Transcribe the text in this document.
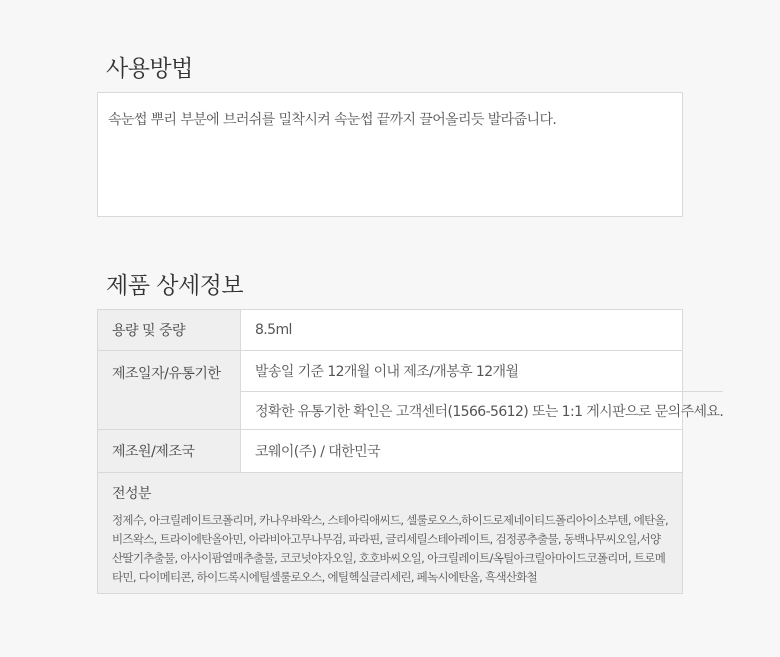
사용방법

속눈썹 뿌리 부분에 브러쉬를 밀착시켜 속눈썹 끝까지 끌어올리듯 발라줍니다.

제품 상세정보
용량 및 중량	8.5ml
제조일자/유통기한	발송일 기준 12개월 이내 제조/개봉후 12개월
정확한 유통기한 확인은 고객센터(1566-5612) 또는 1:1 게시판으로 문의주세요.
제조원/제조국	코웨이(주) / 대한민국
전성분
정제수, 아크릴레이트코폴리머, 카나우바왁스, 스테아릭애씨드, 셀룰로오스,하이드로제네이티드폴리아이소부텐, 에탄올, 비즈왁스, 트라이에탄올아민, 아라비아고무나무검, 파라핀, 글리세릴스테아레이트, 검정콩추출물, 동백나무씨오일,서양산딸기추출물, 아사이팜열매추출물, 코코넛야자오일, 호호바씨오일, 아크릴레이트/옥틸아크릴아마이드코폴리머, 트로메타민, 다이메티콘, 하이드록시에틸셀룰로오스, 에틸헥실글리세린, 페녹시에탄올, 흑색산화철
